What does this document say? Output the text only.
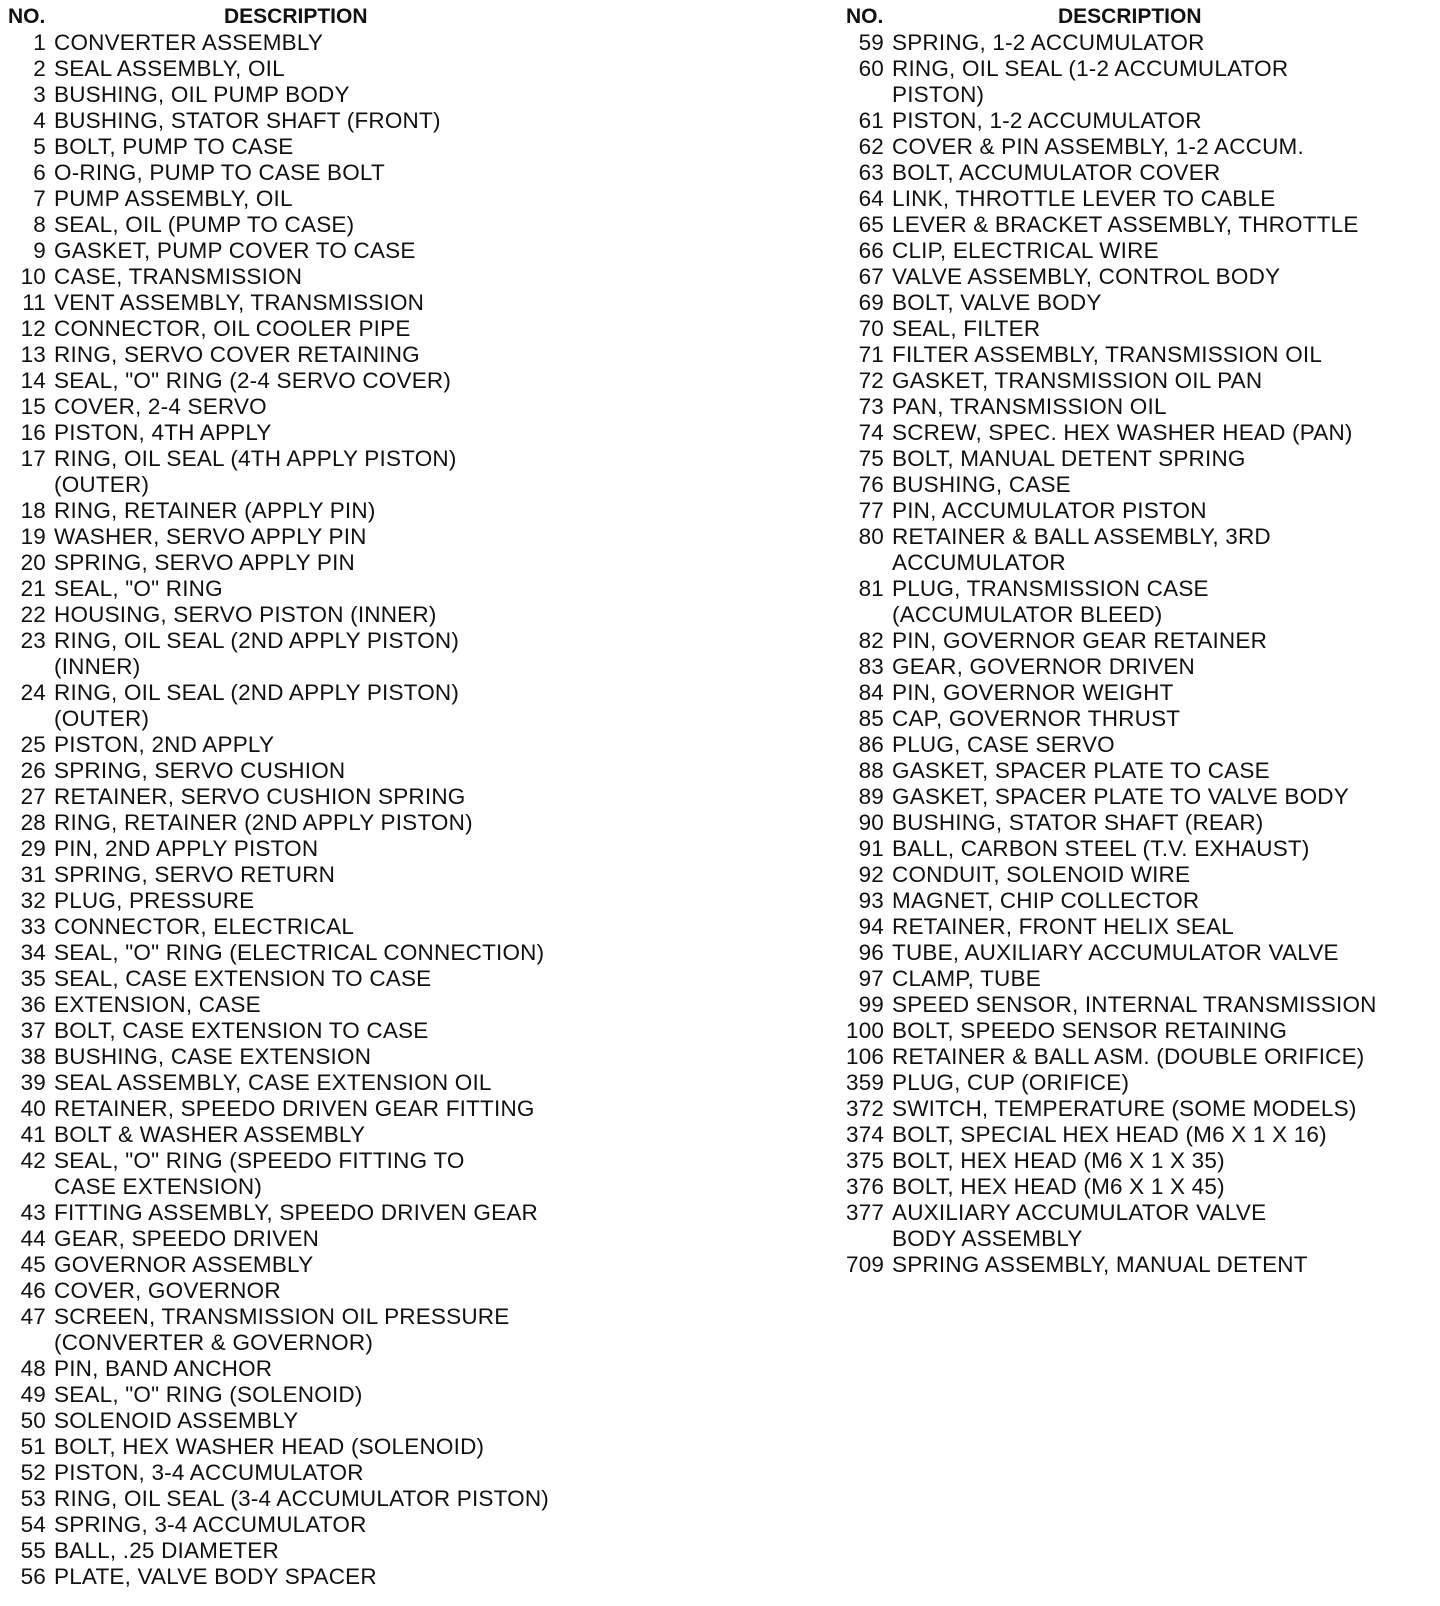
NO.	DESCRIPTION
1 CONVERTER ASSEMBLY
2 SEAL ASSEMBLY, OIL
3 BUSHING, OIL PUMP BODY
4 BUSHING, STATOR SHAFT (FRONT)
5 BOLT, PUMP TO CASE
6 O-RING, PUMP TO CASE BOLT
7 PUMP ASSEMBLY, OIL
8 SEAL, OIL (PUMP TO CASE)
9 GASKET, PUMP COVER TO CASE
10 CASE, TRANSMISSION
11 VENT ASSEMBLY, TRANSMISSION
12 CONNECTOR, OIL COOLER PIPE
13 RING, SERVO COVER RETAINING
14 SEAL, "O" RING (2-4 SERVO COVER)
15 COVER, 2-4 SERVO
16 PISTON, 4TH APPLY
17 RING, OIL SEAL (4TH APPLY PISTON)
(OUTER)
18 RING, RETAINER (APPLY PIN)
19 WASHER, SERVO APPLY PIN
20 SPRING, SERVO APPLY PIN
21 SEAL, "O" RING
22 HOUSING, SERVO PISTON (INNER)
23 RING, OIL SEAL (2ND APPLY PISTON)
(INNER)
24 RING, OIL SEAL (2ND APPLY PISTON)
(OUTER)
25 PISTON, 2ND APPLY
26 SPRING, SERVO CUSHION
27 RETAINER, SERVO CUSHION SPRING
28 RING, RETAINER (2ND APPLY PISTON)
29 PIN, 2ND APPLY PISTON
31 SPRING, SERVO RETURN
32 PLUG, PRESSURE
33 CONNECTOR, ELECTRICAL
34 SEAL, "O" RING (ELECTRICAL CONNECTION)
35 SEAL, CASE EXTENSION TO CASE
36 EXTENSION, CASE
37 BOLT, CASE EXTENSION TO CASE
38 BUSHING, CASE EXTENSION
39 SEAL ASSEMBLY, CASE EXTENSION OIL
40 RETAINER, SPEEDO DRIVEN GEAR FITTING
41 BOLT & WASHER ASSEMBLY
42 SEAL, "O" RING (SPEEDO FITTING TO
CASE EXTENSION)
43 FITTING ASSEMBLY, SPEEDO DRIVEN GEAR
44 GEAR, SPEEDO DRIVEN
45 GOVERNOR ASSEMBLY
46 COVER, GOVERNOR
47 SCREEN, TRANSMISSION OIL PRESSURE
(CONVERTER & GOVERNOR)
48 PIN, BAND ANCHOR
49 SEAL, "O" RING (SOLENOID)
50 SOLENOID ASSEMBLY
51 BOLT, HEX WASHER HEAD (SOLENOID)
52 PISTON, 3-4 ACCUMULATOR
53 RING, OIL SEAL (3-4 ACCUMULATOR PISTON)
54 SPRING, 3-4 ACCUMULATOR
55 BALL, .25 DIAMETER
56 PLATE, VALVE BODY SPACER
NO.	DESCRIPTION
59 SPRING, 1-2 ACCUMULATOR
60 RING, OIL SEAL (1-2 ACCUMULATOR
PISTON)
61 PISTON, 1-2 ACCUMULATOR
62 COVER & PIN ASSEMBLY, 1-2 ACCUM.
63 BOLT, ACCUMULATOR COVER
64 LINK, THROTTLE LEVER TO CABLE
65 LEVER & BRACKET ASSEMBLY, THROTTLE
66 CLIP, ELECTRICAL WIRE
67 VALVE ASSEMBLY, CONTROL BODY
69 BOLT, VALVE BODY
70 SEAL, FILTER
71 FILTER ASSEMBLY, TRANSMISSION OIL
72 GASKET, TRANSMISSION OIL PAN
73 PAN, TRANSMISSION OIL
74 SCREW, SPEC. HEX WASHER HEAD (PAN)
75 BOLT, MANUAL DETENT SPRING
76 BUSHING, CASE
77 PIN, ACCUMULATOR PISTON
80 RETAINER & BALL ASSEMBLY, 3RD
ACCUMULATOR
81 PLUG, TRANSMISSION CASE
(ACCUMULATOR BLEED)
82 PIN, GOVERNOR GEAR RETAINER
83 GEAR, GOVERNOR DRIVEN
84 PIN, GOVERNOR WEIGHT
85 CAP, GOVERNOR THRUST
86 PLUG, CASE SERVO
88 GASKET, SPACER PLATE TO CASE
89 GASKET, SPACER PLATE TO VALVE BODY
90 BUSHING, STATOR SHAFT (REAR)
91 BALL, CARBON STEEL (T.V. EXHAUST)
92 CONDUIT, SOLENOID WIRE
93 MAGNET, CHIP COLLECTOR
94 RETAINER, FRONT HELIX SEAL
96 TUBE, AUXILIARY ACCUMULATOR VALVE
97 CLAMP, TUBE
99 SPEED SENSOR, INTERNAL TRANSMISSION
100 BOLT, SPEEDO SENSOR RETAINING
106 RETAINER & BALL ASM. (DOUBLE ORIFICE)
359 PLUG, CUP (ORIFICE)
372 SWITCH, TEMPERATURE (SOME MODELS)
374 BOLT, SPECIAL HEX HEAD (M6 X 1 X 16)
375 BOLT, HEX HEAD (M6 X 1 X 35)
376 BOLT, HEX HEAD (M6 X 1 X 45)
377 AUXILIARY ACCUMULATOR VALVE
BODY ASSEMBLY
709 SPRING ASSEMBLY, MANUAL DETENT
